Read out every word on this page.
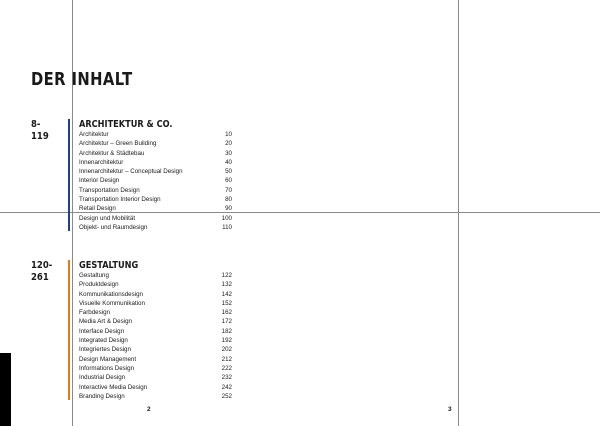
DER INHALT
8-119
ARCHITEKTUR & CO.
Architektur	10
Architektur – Green Building	20
Architektur & Städtebau	30
Innenarchitektur	40
Innenarchitektur – Conceptual Design	50
Interior Design	60
Transportation Design	70
Transportation Interior Design	80
Retail Design	90
Design und Mobilität	100
Objekt- und Raumdesign	110
120-261
GESTALTUNG
Gestaltung	122
Produktdesign	132
Kommunikationsdesign	142
Visuelle Kommunikation	152
Farbdesign	162
Media Art & Design	172
Interface Design	182
Integrated Design	192
Integriertes Design	202
Design Management	212
Informations Design	222
Industrial Design	232
Interactive Media Design	242
Branding Design	252
2	3
